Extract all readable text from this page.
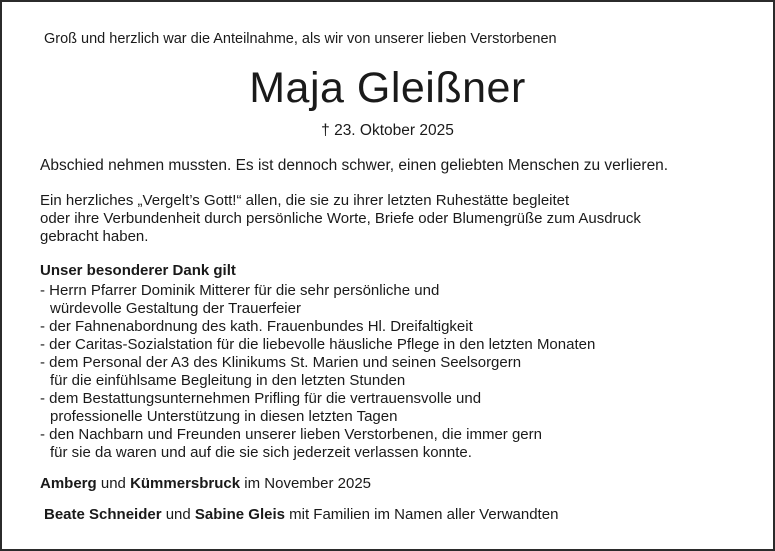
Groß und herzlich war die Anteilnahme, als wir von unserer lieben Verstorbenen
Maja Gleißner
† 23. Oktober 2025
Abschied nehmen mussten. Es ist dennoch schwer, einen geliebten Menschen zu verlieren.
Ein herzliches „Vergelt’s Gott!“ allen, die sie zu ihrer letzten Ruhestätte begleitet
oder ihre Verbundenheit durch persönliche Worte, Briefe oder Blumengrüße zum Ausdruck
gebracht haben.
Unser besonderer Dank gilt
- Herrn Pfarrer Dominik Mitterer für die sehr persönliche und
würdevolle Gestaltung der Trauerfeier
- der Fahnenabordnung des kath. Frauenbundes Hl. Dreifaltigkeit
- der Caritas-Sozialstation für die liebevolle häusliche Pflege in den letzten Monaten
- dem Personal der A3 des Klinikums St. Marien und seinen Seelsorgern
für die einfühlsame Begleitung in den letzten Stunden
- dem Bestattungsunternehmen Prifling für die vertrauensvolle und
professionelle Unterstützung in diesen letzten Tagen
- den Nachbarn und Freunden unserer lieben Verstorbenen, die immer gern
für sie da waren und auf die sie sich jederzeit verlassen konnte.
Amberg und Kümmersbruck im November 2025
Beate Schneider und Sabine Gleis mit Familien im Namen aller Verwandten
